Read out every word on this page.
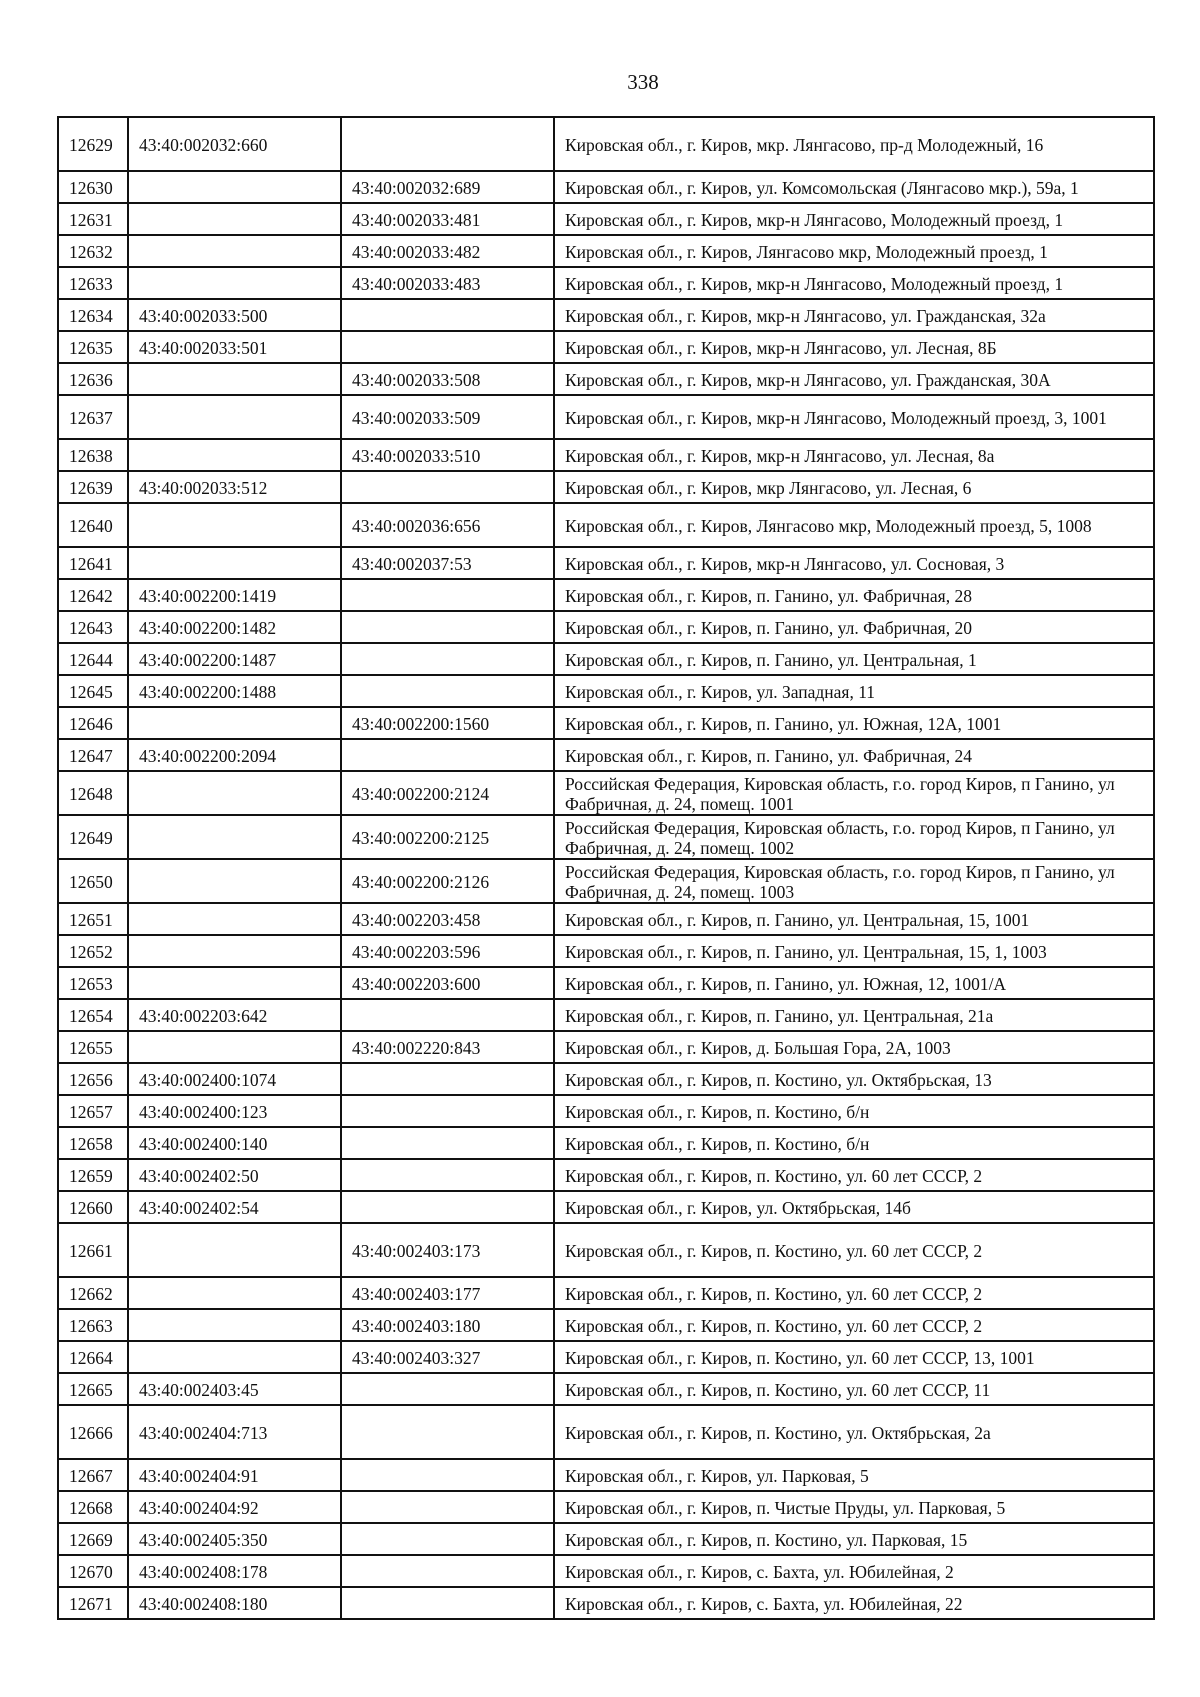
338
12629	43:40:002032:660		Кировская обл., г. Киров, мкр. Лянгасово, пр-д Молодежный, 16
12630		43:40:002032:689	Кировская обл., г. Киров, ул. Комсомольская (Лянгасово мкр.), 59а, 1
12631		43:40:002033:481	Кировская обл., г. Киров, мкр-н Лянгасово, Молодежный проезд, 1
12632		43:40:002033:482	Кировская обл., г. Киров, Лянгасово мкр, Молодежный проезд, 1
12633		43:40:002033:483	Кировская обл., г. Киров, мкр-н Лянгасово, Молодежный проезд, 1
12634	43:40:002033:500		Кировская обл., г. Киров, мкр-н Лянгасово, ул. Гражданская, 32а
12635	43:40:002033:501		Кировская обл., г. Киров, мкр-н Лянгасово, ул. Лесная, 8Б
12636		43:40:002033:508	Кировская обл., г. Киров, мкр-н Лянгасово, ул. Гражданская, 30А
12637		43:40:002033:509	Кировская обл., г. Киров, мкр-н Лянгасово, Молодежный проезд, 3, 1001
12638		43:40:002033:510	Кировская обл., г. Киров, мкр-н Лянгасово, ул. Лесная, 8а
12639	43:40:002033:512		Кировская обл., г. Киров, мкр Лянгасово, ул. Лесная, 6
12640		43:40:002036:656	Кировская обл., г. Киров, Лянгасово мкр, Молодежный проезд, 5, 1008
12641		43:40:002037:53	Кировская обл., г. Киров, мкр-н Лянгасово, ул. Сосновая, 3
12642	43:40:002200:1419		Кировская обл., г. Киров, п. Ганино, ул. Фабричная, 28
12643	43:40:002200:1482		Кировская обл., г. Киров, п. Ганино, ул. Фабричная, 20
12644	43:40:002200:1487		Кировская обл., г. Киров, п. Ганино, ул. Центральная, 1
12645	43:40:002200:1488		Кировская обл., г. Киров, ул. Западная, 11
12646		43:40:002200:1560	Кировская обл., г. Киров, п. Ганино, ул. Южная, 12А, 1001
12647	43:40:002200:2094		Кировская обл., г. Киров, п. Ганино, ул. Фабричная, 24
12648		43:40:002200:2124	Российская Федерация, Кировская область, г.о. город Киров, п Ганино, ул Фабричная, д. 24, помещ. 1001
12649		43:40:002200:2125	Российская Федерация, Кировская область, г.о. город Киров, п Ганино, ул Фабричная, д. 24, помещ. 1002
12650		43:40:002200:2126	Российская Федерация, Кировская область, г.о. город Киров, п Ганино, ул Фабричная, д. 24, помещ. 1003
12651		43:40:002203:458	Кировская обл., г. Киров, п. Ганино, ул. Центральная, 15, 1001
12652		43:40:002203:596	Кировская обл., г. Киров, п. Ганино, ул. Центральная, 15, 1, 1003
12653		43:40:002203:600	Кировская обл., г. Киров, п. Ганино, ул. Южная, 12, 1001/А
12654	43:40:002203:642		Кировская обл., г. Киров, п. Ганино, ул. Центральная, 21а
12655		43:40:002220:843	Кировская обл., г. Киров, д. Большая Гора, 2А, 1003
12656	43:40:002400:1074		Кировская обл., г. Киров, п. Костино, ул. Октябрьская, 13
12657	43:40:002400:123		Кировская обл., г. Киров, п. Костино, б/н
12658	43:40:002400:140		Кировская обл., г. Киров, п. Костино, б/н
12659	43:40:002402:50		Кировская обл., г. Киров, п. Костино, ул. 60 лет СССР, 2
12660	43:40:002402:54		Кировская обл., г. Киров, ул. Октябрьская, 14б
12661		43:40:002403:173	Кировская обл., г. Киров, п. Костино, ул. 60 лет СССР, 2
12662		43:40:002403:177	Кировская обл., г. Киров, п. Костино, ул. 60 лет СССР, 2
12663		43:40:002403:180	Кировская обл., г. Киров, п. Костино, ул. 60 лет СССР, 2
12664		43:40:002403:327	Кировская обл., г. Киров, п. Костино, ул. 60 лет СССР, 13, 1001
12665	43:40:002403:45		Кировская обл., г. Киров, п. Костино, ул. 60 лет СССР, 11
12666	43:40:002404:713		Кировская обл., г. Киров, п. Костино, ул. Октябрьская, 2а
12667	43:40:002404:91		Кировская обл., г. Киров, ул. Парковая, 5
12668	43:40:002404:92		Кировская обл., г. Киров, п. Чистые Пруды, ул. Парковая, 5
12669	43:40:002405:350		Кировская обл., г. Киров, п. Костино, ул. Парковая, 15
12670	43:40:002408:178		Кировская обл., г. Киров, с. Бахта, ул. Юбилейная, 2
12671	43:40:002408:180		Кировская обл., г. Киров, с. Бахта, ул. Юбилейная, 22
